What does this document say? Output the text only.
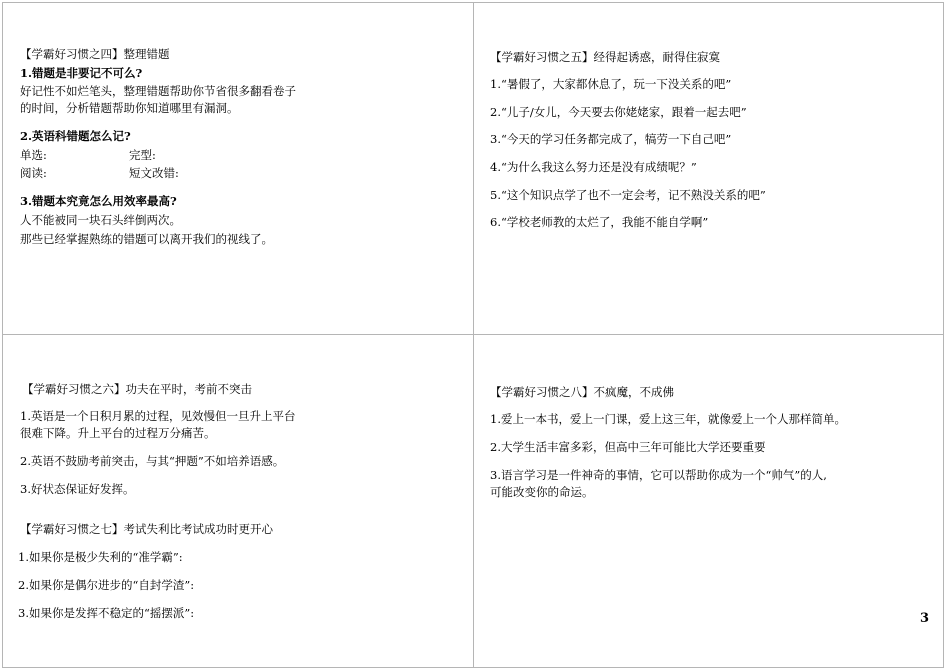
【学霸好习惯之四】整理错题
1.错题是非要记不可么?
好记性不如烂笔头，整理错题帮助你节省很多翻看卷子
的时间，分析错题帮助你知道哪里有漏洞。
2.英语科错题怎么记?
单选:	完型:
阅读:	短文改错:
3.错题本究竟怎么用效率最高?
人不能被同一块石头绊倒两次。
那些已经掌握熟练的错题可以离开我们的视线了。
【学霸好习惯之五】经得起诱惑，耐得住寂寞
1.“暑假了，大家都休息了，玩一下没关系的吧”
2.“儿子/女儿，今天要去你姥姥家，跟着一起去吧”
3.“今天的学习任务都完成了，犒劳一下自己吧”
4.“为什么我这么努力还是没有成绩呢？”
5.“这个知识点学了也不一定会考，记不熟没关系的吧”
6.“学校老师教的太烂了，我能不能自学啊”
【学霸好习惯之六】功夫在平时，考前不突击
1.英语是一个日积月累的过程，见效慢但一旦升上平台
很难下降。升上平台的过程万分痛苦。
2.英语不鼓励考前突击，与其“押题”不如培养语感。
3.好状态保证好发挥。
【学霸好习惯之七】考试失利比考试成功时更开心
1.如果你是极少失利的“准学霸”:
2.如果你是偶尔进步的“自封学渣”:
3.如果你是发挥不稳定的“摇摆派”:
【学霸好习惯之八】不疯魔，不成佛
1.爱上一本书，爱上一门课，爱上这三年，就像爱上一个人那样简单。
2.大学生活丰富多彩，但高中三年可能比大学还要重要
3.语言学习是一件神奇的事情，它可以帮助你成为一个“帅气”的人,
可能改变你的命运。
3
